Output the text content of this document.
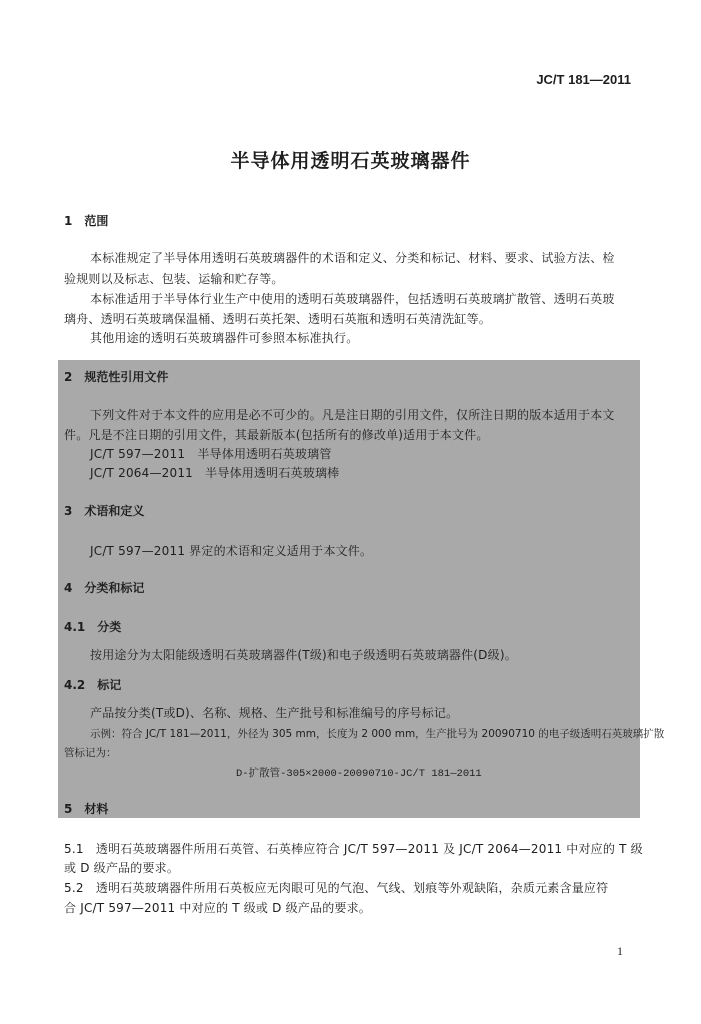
JC/T 181—2011
半导体用透明石英玻璃器件
1　范围
本标准规定了半导体用透明石英玻璃器件的术语和定义、分类和标记、材料、要求、试验方法、检
验规则以及标志、包装、运输和贮存等。
本标准适用于半导体行业生产中使用的透明石英玻璃器件，包括透明石英玻璃扩散管、透明石英玻
璃舟、透明石英玻璃保温桶、透明石英托架、透明石英瓶和透明石英清洗缸等。
其他用途的透明石英玻璃器件可参照本标准执行。
2　规范性引用文件
下列文件对于本文件的应用是必不可少的。凡是注日期的引用文件，仅所注日期的版本适用于本文
件。凡是不注日期的引用文件，其最新版本(包括所有的修改单)适用于本文件。
JC/T 597—2011　半导体用透明石英玻璃管
JC/T 2064—2011　半导体用透明石英玻璃棒
3　术语和定义
JC/T 597—2011 界定的术语和定义适用于本文件。
4　分类和标记
4.1　分类
按用途分为太阳能级透明石英玻璃器件(T级)和电子级透明石英玻璃器件(D级)。
4.2　标记
产品按分类(T或D)、名称、规格、生产批号和标准编号的序号标记。
示例：符合 JC/T 181—2011，外径为 305 mm，长度为 2 000 mm，生产批号为 20090710 的电子级透明石英玻璃扩散
管标记为：
D-扩散管-305×2000-20090710-JC/T 181—2011
5　材料
5.1　透明石英玻璃器件所用石英管、石英棒应符合 JC/T 597—2011 及 JC/T 2064—2011 中对应的 T 级
或 D 级产品的要求。
5.2　透明石英玻璃器件所用石英板应无肉眼可见的气泡、气线、划痕等外观缺陷，杂质元素含量应符
合 JC/T 597—2011 中对应的 T 级或 D 级产品的要求。
1
